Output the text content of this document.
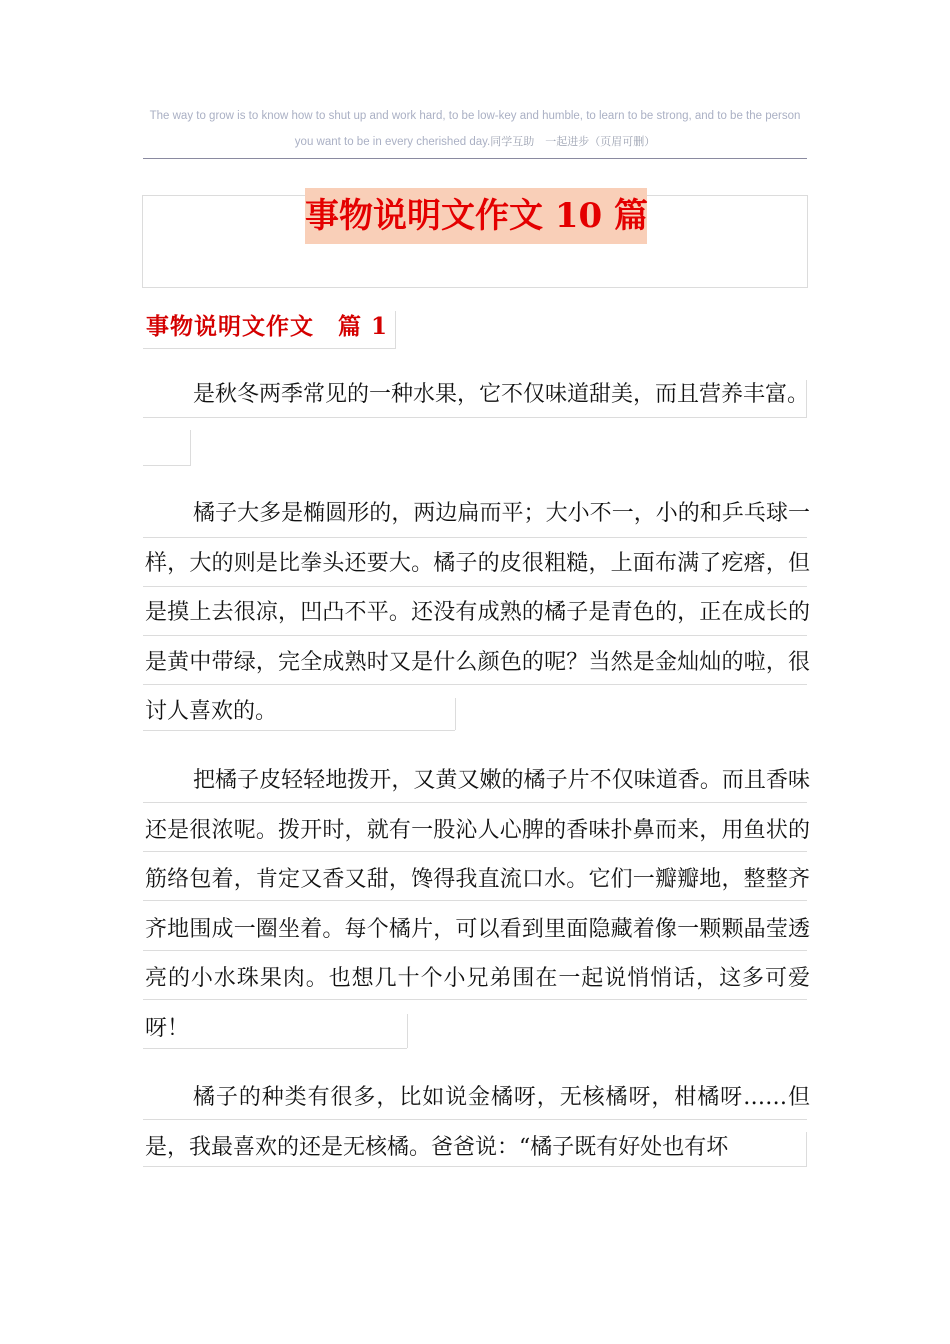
The way to grow is to know how to shut up and work hard, to be low-key and humble, to learn to be strong, and to be the person you want to be in every cherished day.同学互助　一起进步（页眉可删）
事物说明文作文 10 篇
事物说明文作文　篇 1
是秋冬两季常见的一种水果，它不仅味道甜美，而且营养丰富。
橘子大多是椭圆形的，两边扁而平；大小不一，小的和乒乓球一样，大的则是比拳头还要大。橘子的皮很粗糙，上面布满了疙瘩，但是摸上去很凉，凹凸不平。还没有成熟的橘子是青色的，正在成长的是黄中带绿，完全成熟时又是什么颜色的呢？当然是金灿灿的啦，很讨人喜欢的。
把橘子皮轻轻地拨开，又黄又嫩的橘子片不仅味道香。而且香味还是很浓呢。拨开时，就有一股沁人心脾的香味扑鼻而来，用鱼状的筋络包着，肯定又香又甜，馋得我直流口水。它们一瓣瓣地，整整齐齐地围成一圈坐着。每个橘片，可以看到里面隐藏着像一颗颗晶莹透亮的小水珠果肉。也想几十个小兄弟围在一起说悄悄话，这多可爱呀！
橘子的种类有很多，比如说金橘呀，无核橘呀，柑橘呀……但是，我最喜欢的还是无核橘。爸爸说：“橘子既有好处也有坏
